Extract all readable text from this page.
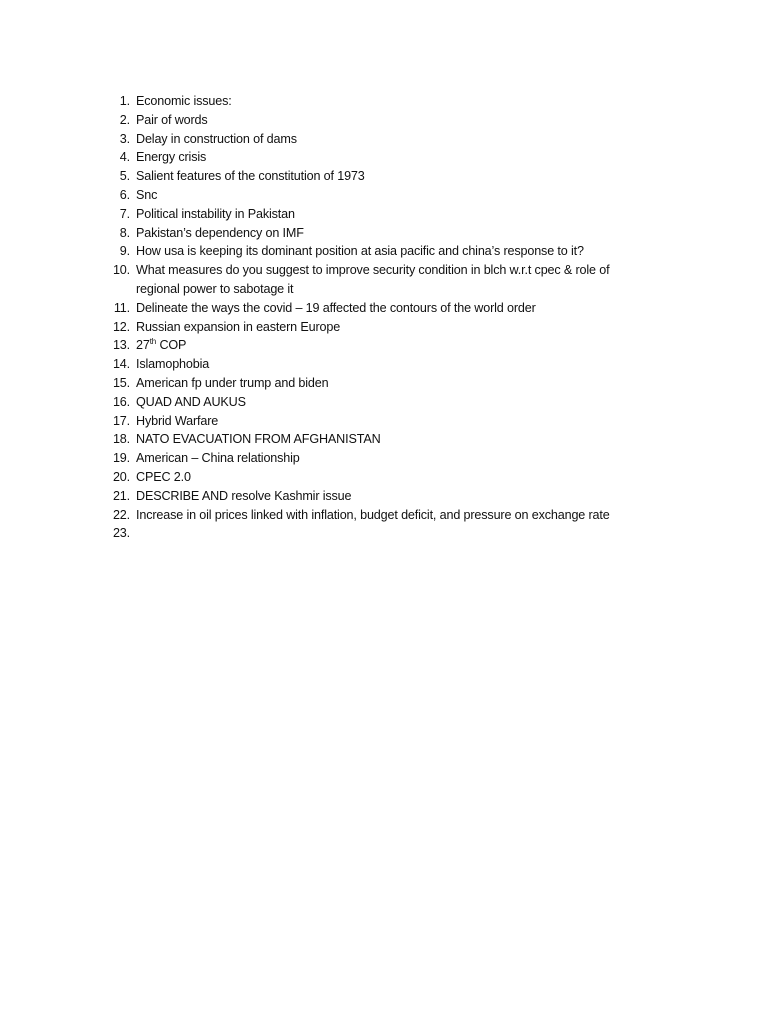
1. Economic issues:
2. Pair of words
3. Delay in construction of dams
4. Energy crisis
5. Salient features of the constitution of 1973
6. Snc
7. Political instability in Pakistan
8. Pakistan’s dependency on IMF
9. How usa is keeping its dominant position at asia pacific and china’s response to it?
10. What measures do you suggest to improve security condition in blch w.r.t cpec & role of regional power to sabotage it
11. Delineate the ways the covid – 19 affected the contours of the world order
12. Russian expansion in eastern Europe
13. 27th COP
14. Islamophobia
15. American fp under trump and biden
16. QUAD AND AUKUS
17. Hybrid Warfare
18. NATO EVACUATION FROM AFGHANISTAN
19. American – China relationship
20. CPEC 2.0
21. DESCRIBE AND resolve Kashmir issue
22. Increase in oil prices linked with inflation, budget deficit, and pressure on exchange rate
23.
